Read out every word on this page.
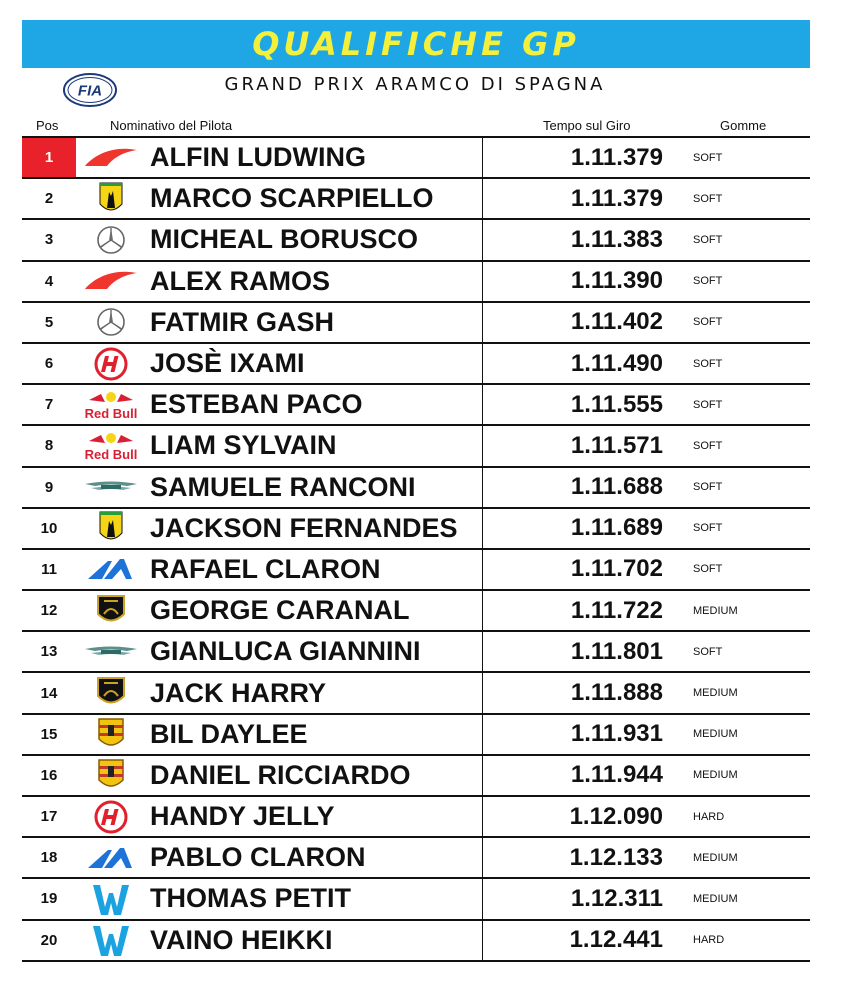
QUALIFICHE GP
FIA	GRAND PRIX ARAMCO DI SPAGNA
Pos	Nominativo del Pilota	Tempo sul Giro	Gomme
1		ALFIN LUDWING	1.11.379	SOFT
2		MARCO SCARPIELLO	1.11.379	SOFT
3		MICHEAL BORUSCO	1.11.383	SOFT
4		ALEX RAMOS	1.11.390	SOFT
5		FATMIR GASH	1.11.402	SOFT
6		JOSÈ IXAMI	1.11.490	SOFT
7	Red Bull	ESTEBAN PACO	1.11.555	SOFT
8	Red Bull	LIAM SYLVAIN	1.11.571	SOFT
9		SAMUELE RANCONI	1.11.688	SOFT
10		JACKSON FERNANDES	1.11.689	SOFT
11		RAFAEL CLARON	1.11.702	SOFT
12		GEORGE CARANAL	1.11.722	MEDIUM
13		GIANLUCA GIANNINI	1.11.801	SOFT
14		JACK HARRY	1.11.888	MEDIUM
15		BIL DAYLEE	1.11.931	MEDIUM
16		DANIEL RICCIARDO	1.11.944	MEDIUM
17		HANDY JELLY	1.12.090	HARD
18		PABLO CLARON	1.12.133	MEDIUM
19		THOMAS PETIT	1.12.311	MEDIUM
20		VAINO HEIKKI	1.12.441	HARD
